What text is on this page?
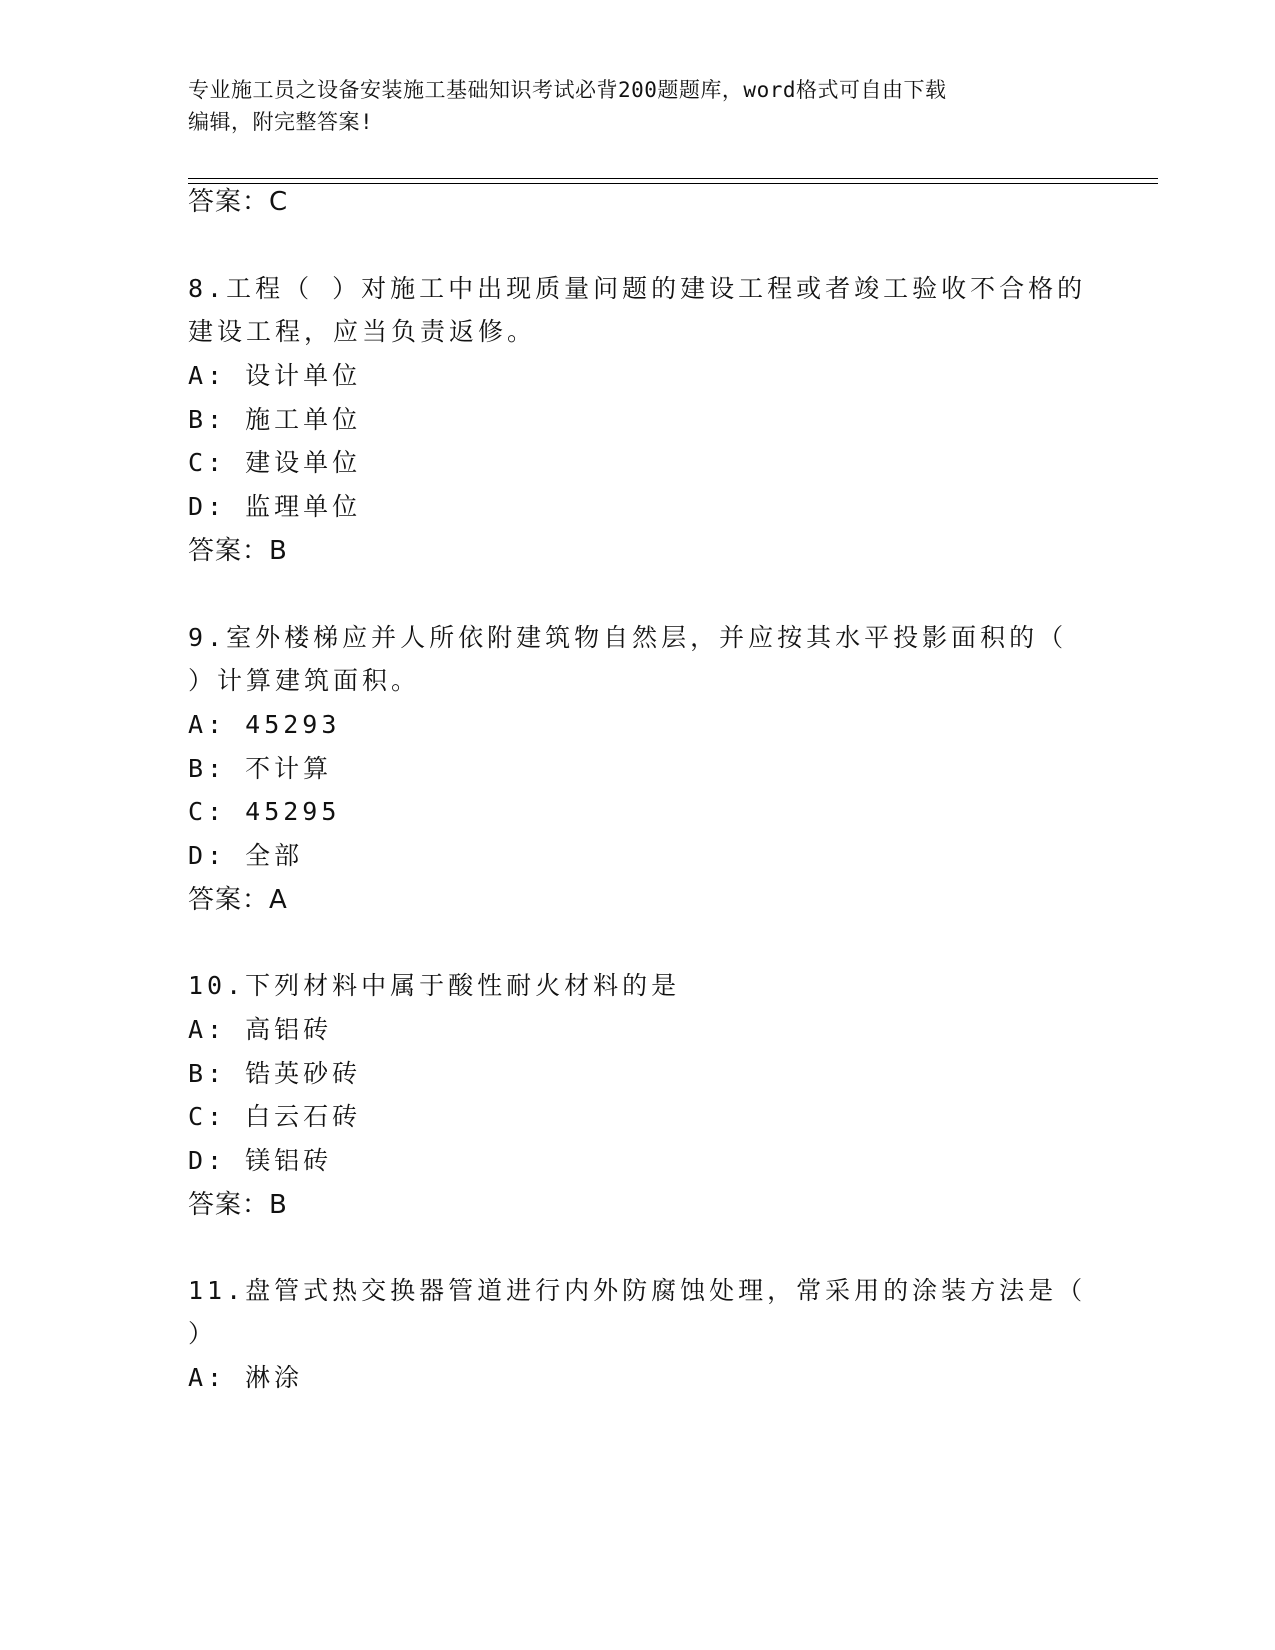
专业施工员之设备安装施工基础知识考试必背200题题库，word格式可自由下载
编辑，附完整答案!
答案：C
8.工程（ ）对施工中出现质量问题的建设工程或者竣工验收不合格的
建设工程，应当负责返修。
A: 设计单位
B: 施工单位
C: 建设单位
D: 监理单位
答案：B
9.室外楼梯应并人所依附建筑物自然层，并应按其水平投影面积的（
）计算建筑面积。
A: 45293
B: 不计算
C: 45295
D: 全部
答案：A
10.下列材料中属于酸性耐火材料的是
A: 高铝砖
B: 锆英砂砖
C: 白云石砖
D: 镁铝砖
答案：B
11.盘管式热交换器管道进行内外防腐蚀处理，常采用的涂装方法是（
）
A: 淋涂
